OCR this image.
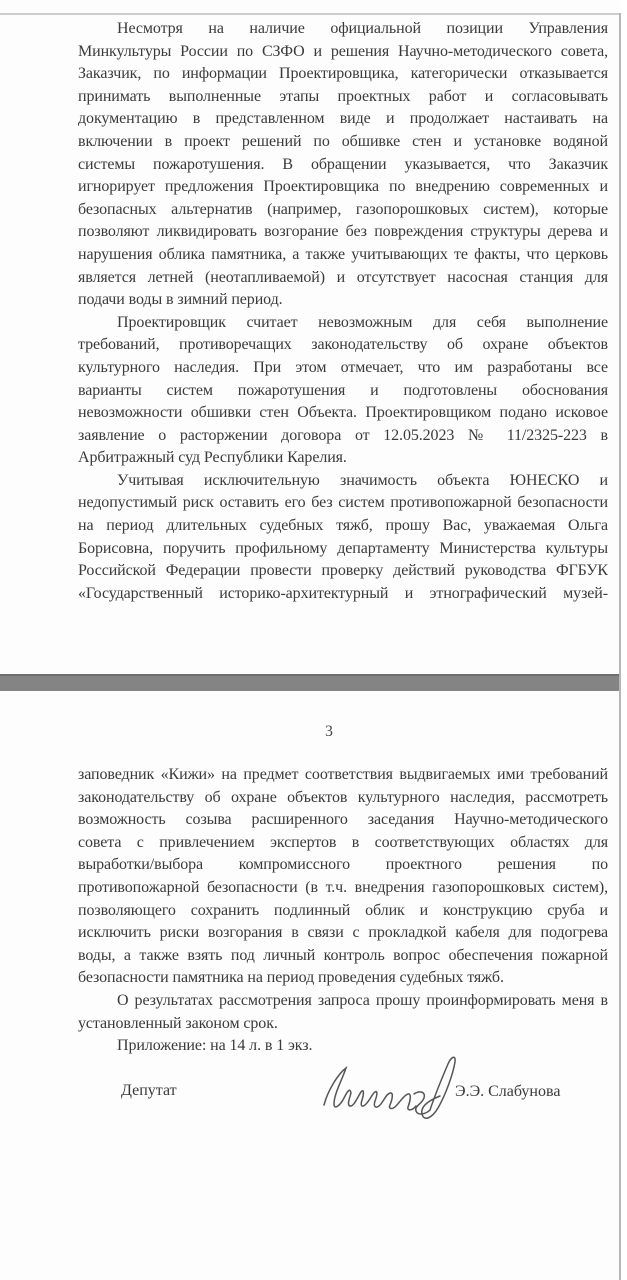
Несмотря на наличие официальной позиции Управления
Минкультуры России по СЗФО и решения Научно-методического совета,
Заказчик, по информации Проектировщика, категорически отказывается
принимать выполненные этапы проектных работ и согласовывать
документацию в представленном виде и продолжает настаивать на
включении в проект решений по обшивке стен и установке водяной
системы пожаротушения. В обращении указывается, что Заказчик
игнорирует предложения Проектировщика по внедрению современных и
безопасных альтернатив (например, газопорошковых систем), которые
позволяют ликвидировать возгорание без повреждения структуры дерева и
нарушения облика памятника, а также учитывающих те факты, что церковь
является летней (неотапливаемой) и отсутствует насосная станция для
подачи воды в зимний период.
Проектировщик считает невозможным для себя выполнение
требований, противоречащих законодательству об охране объектов
культурного наследия. При этом отмечает, что им разработаны все
варианты систем пожаротушения и подготовлены обоснования
невозможности обшивки стен Объекта. Проектировщиком подано исковое
заявление о расторжении договора от 12.05.2023 № 11/2325-223 в
Арбитражный суд Республики Карелия.
Учитывая исключительную значимость объекта ЮНЕСКО и
недопустимый риск оставить его без систем противопожарной безопасности
на период длительных судебных тяжб, прошу Вас, уважаемая Ольга
Борисовна, поручить профильному департаменту Министерства культуры
Российской Федерации провести проверку действий руководства ФГБУК
«Государственный историко-архитектурный и этнографический музей-
3
заповедник «Кижи» на предмет соответствия выдвигаемых ими требований
законодательству об охране объектов культурного наследия, рассмотреть
возможность созыва расширенного заседания Научно-методического
совета с привлечением экспертов в соответствующих областях для
выработки/выбора компромиссного проектного решения по
противопожарной безопасности (в т.ч. внедрения газопорошковых систем),
позволяющего сохранить подлинный облик и конструкцию сруба и
исключить риски возгорания в связи с прокладкой кабеля для подогрева
воды, а также взять под личный контроль вопрос обеспечения пожарной
безопасности памятника на период проведения судебных тяжб.
О результатах рассмотрения запроса прошу проинформировать меня в
установленный законом срок.
Приложение: на 14 л. в 1 экз.
Депутат	Э.Э. Слабунова
